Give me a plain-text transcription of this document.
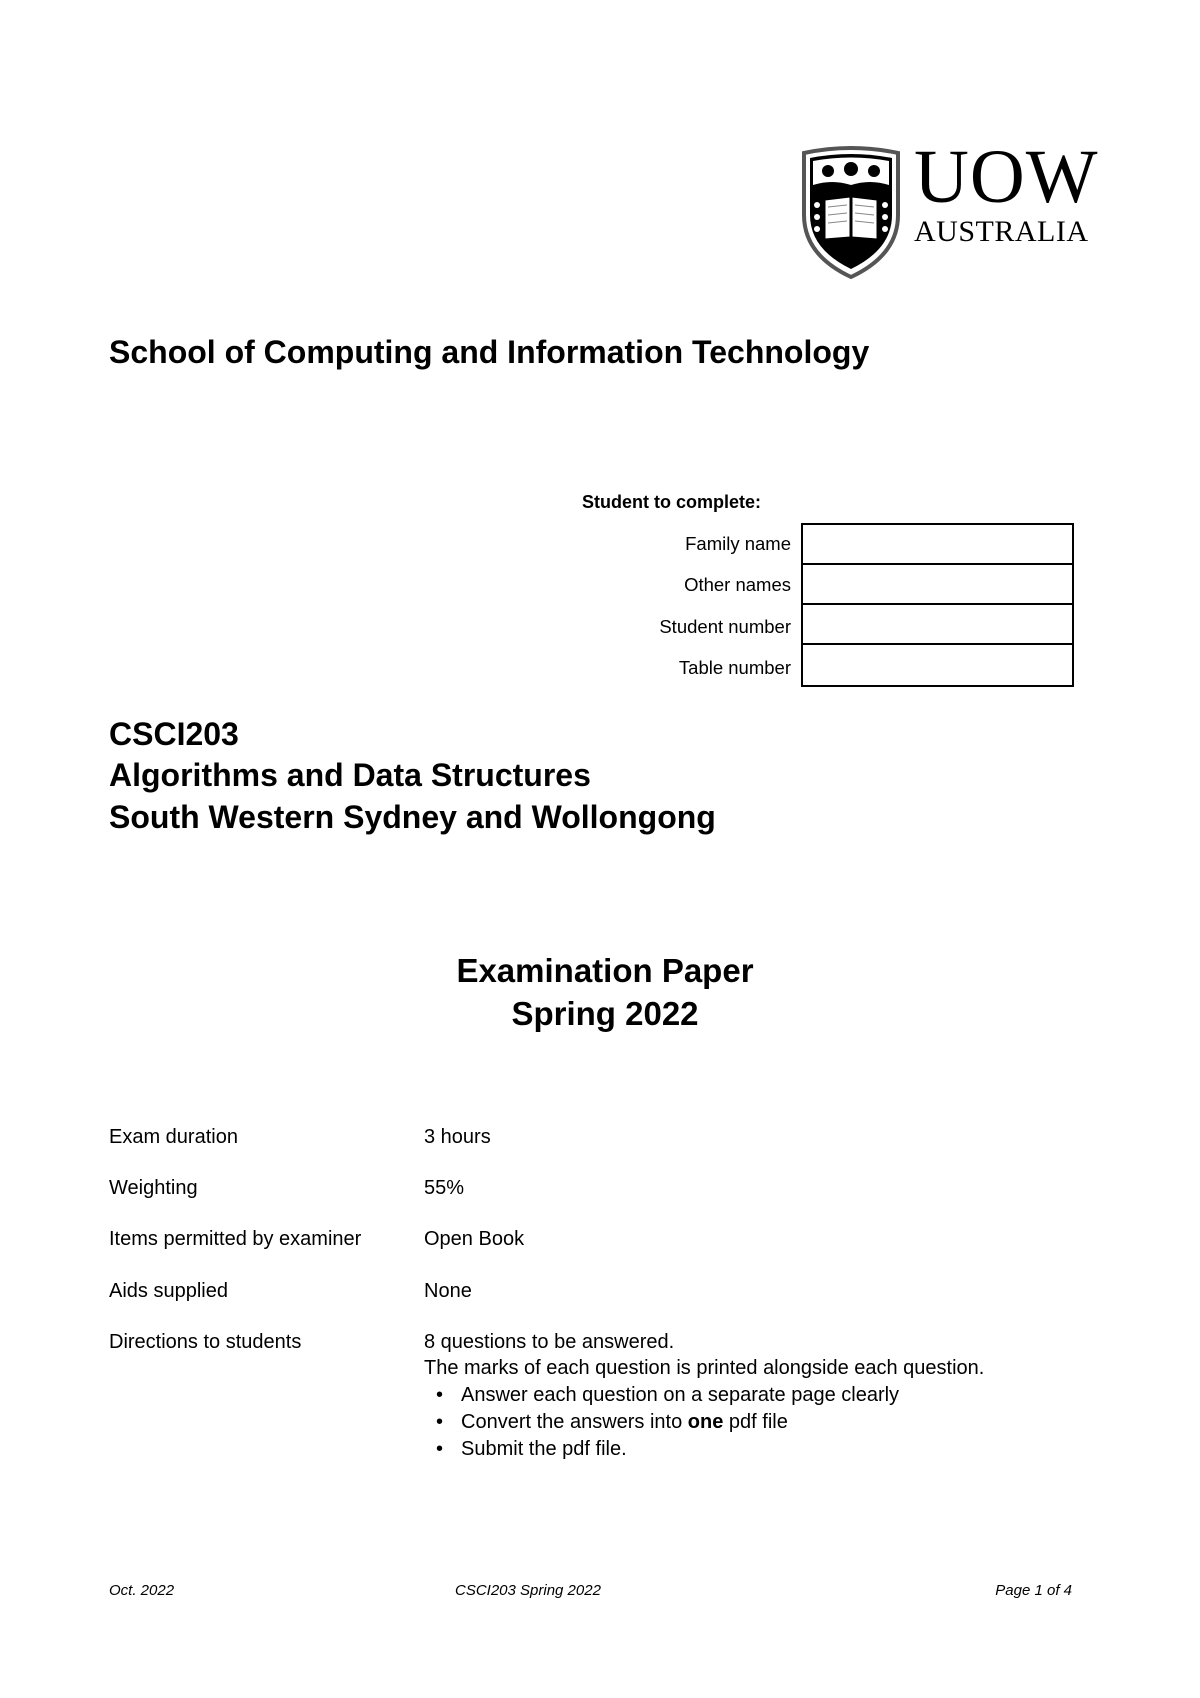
UOW
AUSTRALIA
School of Computing and Information Technology
Student to complete:
Family name
Other names
Student number
Table number
CSCI203
Algorithms and Data Structures
South Western Sydney and Wollongong
Examination Paper
Spring 2022
Exam duration	3 hours
Weighting	55%
Items permitted by examiner	Open Book
Aids supplied	None
Directions to students	8 questions to be answered.
The marks of each question is printed alongside each question.
• Answer each question on a separate page clearly
• Convert the answers into one pdf file
• Submit the pdf file.
Oct. 2022	CSCI203 Spring 2022	Page 1 of 4
